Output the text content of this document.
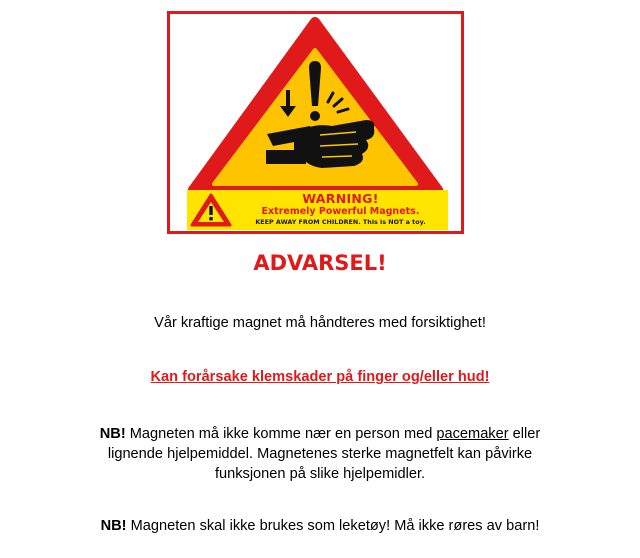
WARNING!
Extremely Powerful Magnets.
KEEP AWAY FROM CHILDREN. This is NOT a toy.
ADVARSEL!

Vår kraftige magnet må håndteres med forsiktighet!

Kan forårsake klemskader på finger og/eller hud!

NB! Magneten må ikke komme nær en person med pacemaker eller
lignende hjelpemiddel. Magnetenes sterke magnetfelt kan påvirke
funksjonen på slike hjelpemidler.

NB! Magneten skal ikke brukes som leketøy! Må ikke røres av barn!
